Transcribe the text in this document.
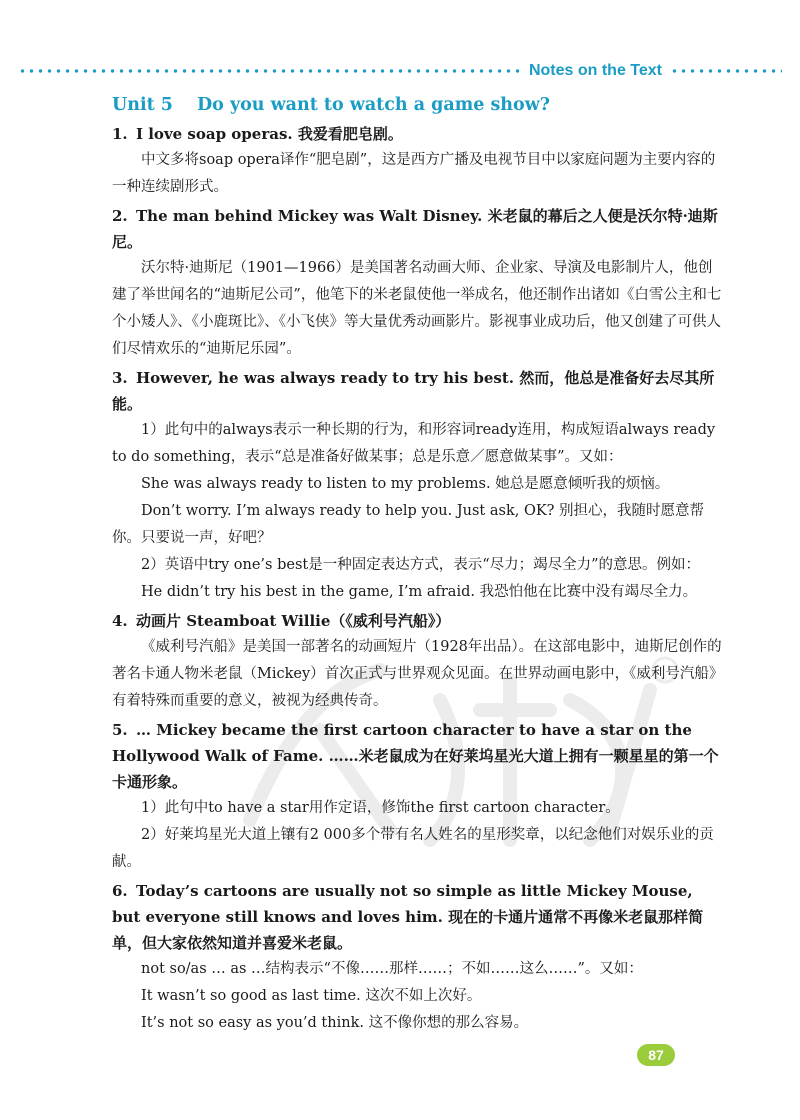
Notes on the Text
Unit 5 Do you want to watch a game show?
1. I love soap operas. 我爱看肥皂剧。
中文多将soap opera译作“肥皂剧”，这是西方广播及电视节目中以家庭问题为主要内容的一种连续剧形式。
2. The man behind Mickey was Walt Disney. 米老鼠的幕后之人便是沃尔特·迪斯尼。
沃尔特·迪斯尼（1901—1966）是美国著名动画大师、企业家、导演及电影制片人，他创建了举世闻名的“迪斯尼公司”，他笔下的米老鼠使他一举成名，他还制作出诸如《白雪公主和七个小矮人》、《小鹿斑比》、《小飞侠》等大量优秀动画影片。影视事业成功后，他又创建了可供人们尽情欢乐的“迪斯尼乐园”。
3. However, he was always ready to try his best. 然而，他总是准备好去尽其所能。
1）此句中的always表示一种长期的行为，和形容词ready连用，构成短语always ready to do something，表示“总是准备好做某事；总是乐意／愿意做某事”。又如：
She was always ready to listen to my problems. 她总是愿意倾听我的烦恼。
Don’t worry. I’m always ready to help you. Just ask, OK? 别担心，我随时愿意帮你。只要说一声，好吧？
2）英语中try one’s best是一种固定表达方式，表示“尽力；竭尽全力”的意思。例如：
He didn’t try his best in the game, I’m afraid. 我恐怕他在比赛中没有竭尽全力。
4. 动画片 Steamboat Willie（《威利号汽船》）
《威利号汽船》是美国一部著名的动画短片（1928年出品）。在这部电影中，迪斯尼创作的著名卡通人物米老鼠（Mickey）首次正式与世界观众见面。在世界动画电影中，《威利号汽船》有着特殊而重要的意义，被视为经典传奇。
5. … Mickey became the first cartoon character to have a star on the Hollywood Walk of Fame. ……米老鼠成为在好莱坞星光大道上拥有一颗星星的第一个卡通形象。
1）此句中to have a star用作定语，修饰the first cartoon character。
2）好莱坞星光大道上镶有2 000多个带有名人姓名的星形奖章，以纪念他们对娱乐业的贡献。
6. Today’s cartoons are usually not so simple as little Mickey Mouse, but everyone still knows and loves him. 现在的卡通片通常不再像米老鼠那样简单，但大家依然知道并喜爱米老鼠。
not so/as … as …结构表示“不像……那样……；不如……这么……”。又如：
It wasn’t so good as last time. 这次不如上次好。
It’s not so easy as you’d think. 这不像你想的那么容易。
87
